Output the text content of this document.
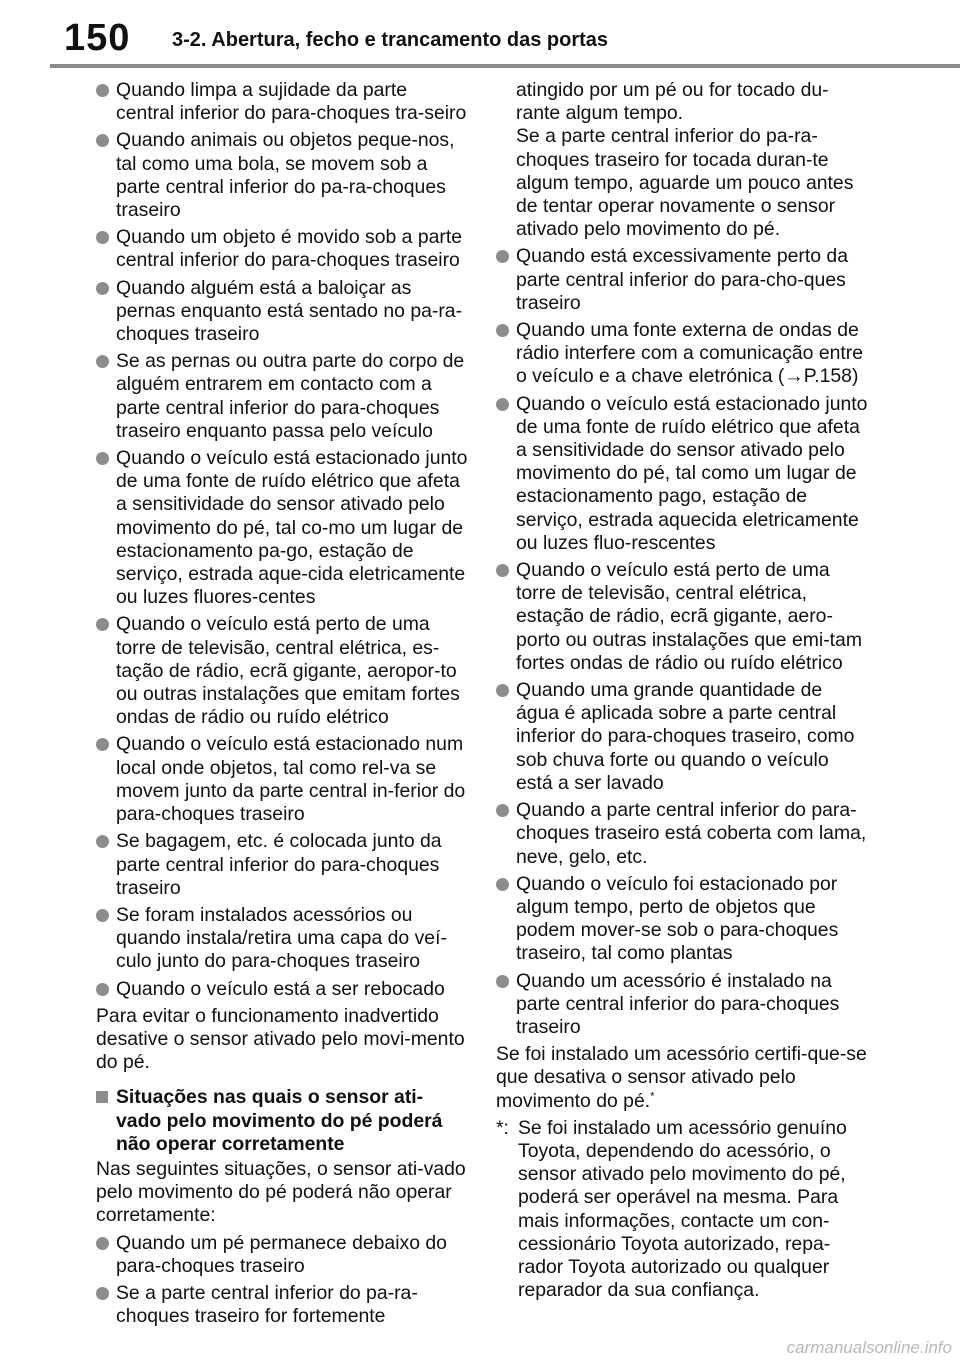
150 3-2. Abertura, fecho e trancamento das portas
Quando limpa a sujidade da parte central inferior do para-choques tra-seiro
Quando animais ou objetos peque-nos, tal como uma bola, se movem sob a parte central inferior do pa-ra-choques traseiro
Quando um objeto é movido sob a parte central inferior do para-choques traseiro
Quando alguém está a baloiçar as pernas enquanto está sentado no pa-ra-choques traseiro
Se as pernas ou outra parte do corpo de alguém entrarem em contacto com a parte central inferior do para-choques traseiro enquanto passa pelo veículo
Quando o veículo está estacionado junto de uma fonte de ruído elétrico que afeta a sensitividade do sensor ativado pelo movimento do pé, tal co-mo um lugar de estacionamento pa-go, estação de serviço, estrada aque-cida eletricamente ou luzes fluores-centes
Quando o veículo está perto de uma torre de televisão, central elétrica, es-tação de rádio, ecrã gigante, aeropor-to ou outras instalações que emitam fortes ondas de rádio ou ruído elétrico
Quando o veículo está estacionado num local onde objetos, tal como rel-va se movem junto da parte central in-ferior do para-choques traseiro
Se bagagem, etc. é colocada junto da parte central inferior do para-choques traseiro
Se foram instalados acessórios ou quando instala/retira uma capa do veí-culo junto do para-choques traseiro
Quando o veículo está a ser rebocado
Para evitar o funcionamento inadvertido desative o sensor ativado pelo movi-mento do pé.
Situações nas quais o sensor ati-vado pelo movimento do pé poderá não operar corretamente
Nas seguintes situações, o sensor ati-vado pelo movimento do pé poderá não operar corretamente:
Quando um pé permanece debaixo do para-choques traseiro
Se a parte central inferior do pa-ra-choques traseiro for fortemente
atingido por um pé ou for tocado du-rante algum tempo.
Se a parte central inferior do pa-ra-choques traseiro for tocada duran-te algum tempo, aguarde um pouco antes de tentar operar novamente o sensor ativado pelo movimento do pé.
Quando está excessivamente perto da parte central inferior do para-cho-ques traseiro
Quando uma fonte externa de ondas de rádio interfere com a comunicação entre o veículo e a chave eletrónica (→P.158)
Quando o veículo está estacionado junto de uma fonte de ruído elétrico que afeta a sensitividade do sensor ativado pelo movimento do pé, tal como um lugar de estacionamento pago, estação de serviço, estrada aquecida eletricamente ou luzes fluo-rescentes
Quando o veículo está perto de uma torre de televisão, central elétrica, estação de rádio, ecrã gigante, aero-porto ou outras instalações que emi-tam fortes ondas de rádio ou ruído elétrico
Quando uma grande quantidade de água é aplicada sobre a parte central inferior do para-choques traseiro, como sob chuva forte ou quando o veículo está a ser lavado
Quando a parte central inferior do para-choques traseiro está coberta com lama, neve, gelo, etc.
Quando o veículo foi estacionado por algum tempo, perto de objetos que podem mover-se sob o para-choques traseiro, tal como plantas
Quando um acessório é instalado na parte central inferior do para-choques traseiro
Se foi instalado um acessório certifi-que-se que desativa o sensor ativado pelo movimento do pé.*
*: Se foi instalado um acessório genuíno Toyota, dependendo do acessório, o sensor ativado pelo movimento do pé, poderá ser operável na mesma. Para mais informações, contacte um con-cessionário Toyota autorizado, repa-rador Toyota autorizado ou qualquer reparador da sua confiança.
carmanualsonline.info
